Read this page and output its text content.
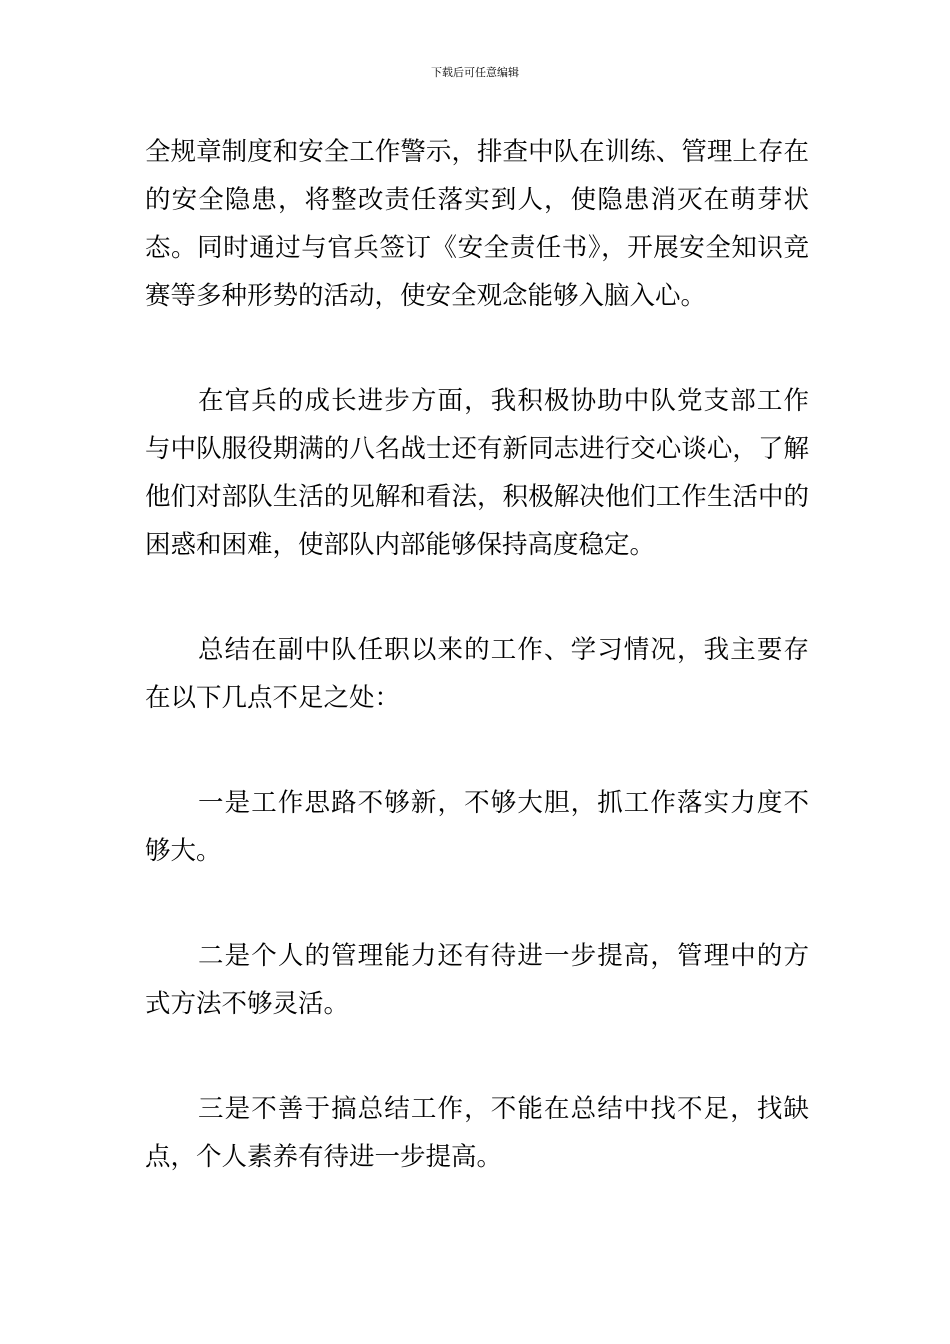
下载后可任意编辑

全规章制度和安全工作警示，排查中队在训练、管理上存在的安全隐患，将整改责任落实到人，使隐患消灭在萌芽状态。同时通过与官兵签订《安全责任书》，开展安全知识竞赛等多种形势的活动，使安全观念能够入脑入心。

在官兵的成长进步方面，我积极协助中队党支部工作与中队服役期满的八名战士还有新同志进行交心谈心，了解他们对部队生活的见解和看法，积极解决他们工作生活中的困惑和困难，使部队内部能够保持高度稳定。

总结在副中队任职以来的工作、学习情况，我主要存在以下几点不足之处：

一是工作思路不够新，不够大胆，抓工作落实力度不够大。

二是个人的管理能力还有待进一步提高，管理中的方式方法不够灵活。

三是不善于搞总结工作，不能在总结中找不足，找缺点，个人素养有待进一步提高。
